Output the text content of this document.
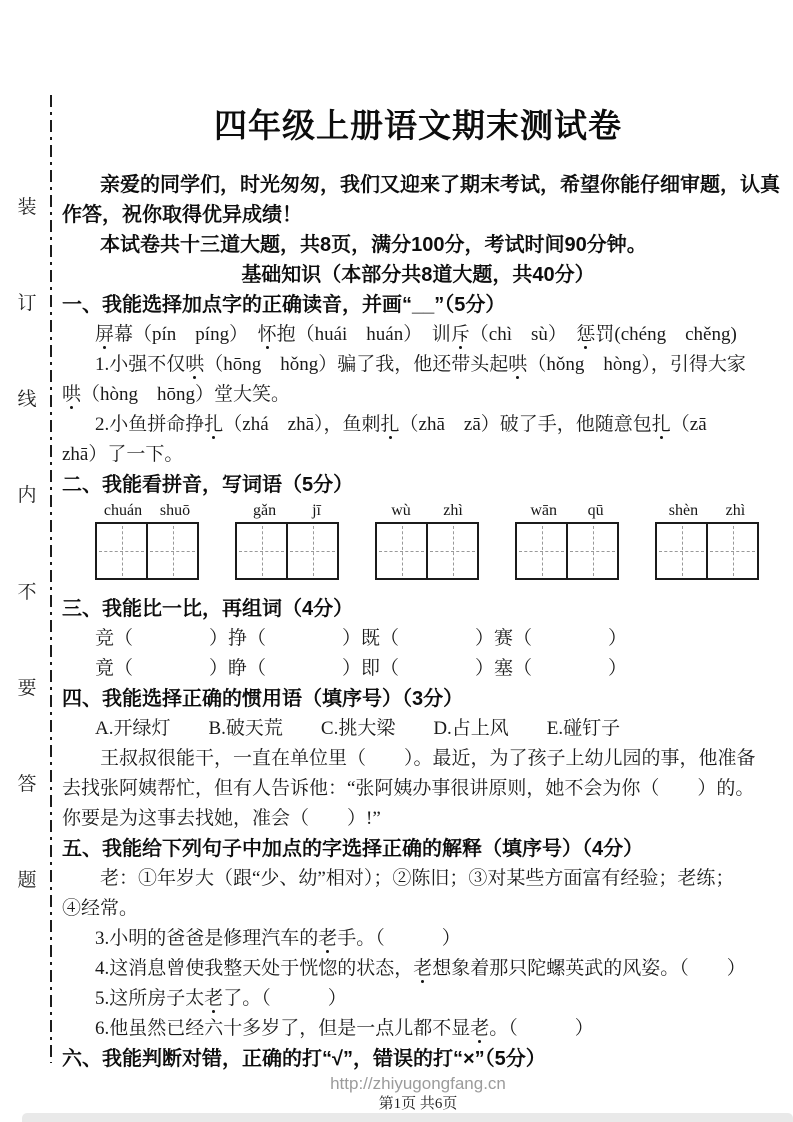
装
订
线
内
不
要
答
题
四年级上册语文期末测试卷
亲爱的同学们，时光匆匆，我们又迎来了期末考试，希望你能仔细审题，认真
作答，祝你取得优异成绩！
本试卷共十三道大题，共8页，满分100分，考试时间90分钟。
基础知识（本部分共8道大题，共40分）
一、我能选择加点字的正确读音，并画“__”（5分）
屏幕（pín　píng）　怀抱（huái　huán）　训斥（chì　sù）　惩罚(chéng　chěng)
1.小强不仅哄（hōng　hǒng）骗了我，他还带头起哄（hǒng　hòng），引得大家
哄（hòng　hōng）堂大笑。
2.小鱼拼命挣扎（zhá　zhā），鱼刺扎（zhā　zā）破了手，他随意包扎（zā
zhā）了一下。
二、我能看拼音，写词语（5分）
chuán shuō	gǎn jī	wù zhì	wān qū	shèn zhì
三、我能比一比，再组词（4分）
竞（　　　　）挣（　　　　）既（　　　　）赛（　　　　）
竟（　　　　）睁（　　　　）即（　　　　）塞（　　　　）
四、我能选择正确的惯用语（填序号）（3分）
A.开绿灯　　B.破天荒　　C.挑大梁　　D.占上风　　E.碰钉子
王叔叔很能干，一直在单位里（　　）。最近，为了孩子上幼儿园的事，他准备
去找张阿姨帮忙，但有人告诉他：“张阿姨办事很讲原则，她不会为你（　　）的。
你要是为这事去找她，准会（　　）!”
五、我能给下列句子中加点的字选择正确的解释（填序号）（4分）
老：①年岁大（跟“少、幼”相对）；②陈旧；③对某些方面富有经验；老练；
④经常。
3.小明的爸爸是修理汽车的老手。（　　　）
4.这消息曾使我整天处于恍惚的状态，老想象着那只陀螺英武的风姿。（　　）
5.这所房子太老了。（　　　）
6.他虽然已经六十多岁了，但是一点儿都不显老。（　　　）
六、我能判断对错，正确的打“√”，错误的打“×”（5分）
http://zhiyugongfang.cn
第1页 共6页
